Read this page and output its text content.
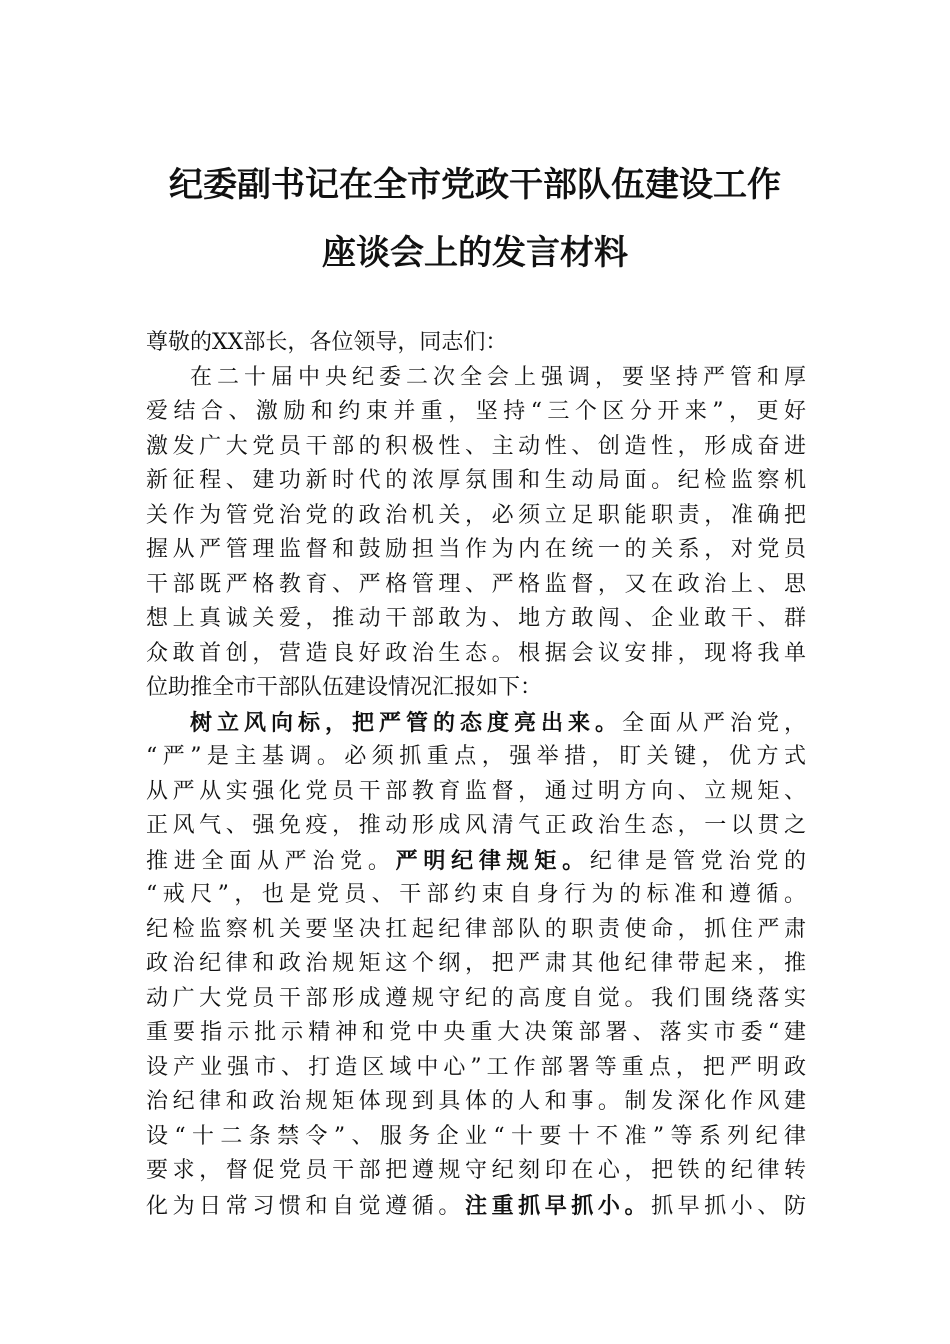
纪委副书记在全市党政干部队伍建设工作
座谈会上的发言材料
尊敬的XX部长，各位领导，同志们：
在二十届中央纪委二次全会上强调，要坚持严管和厚
爱结合、激励和约束并重，坚持“三个区分开来”，更好
激发广大党员干部的积极性、主动性、创造性，形成奋进
新征程、建功新时代的浓厚氛围和生动局面。纪检监察机
关作为管党治党的政治机关，必须立足职能职责，准确把
握从严管理监督和鼓励担当作为内在统一的关系，对党员
干部既严格教育、严格管理、严格监督，又在政治上、思
想上真诚关爱，推动干部敢为、地方敢闯、企业敢干、群
众敢首创，营造良好政治生态。根据会议安排，现将我单
位助推全市干部队伍建设情况汇报如下：
树立风向标，把严管的态度亮出来。全面从严治党，
“严”是主基调。必须抓重点，强举措，盯关键，优方式
从严从实强化党员干部教育监督，通过明方向、立规矩、
正风气、强免疫，推动形成风清气正政治生态，一以贯之
推进全面从严治党。严明纪律规矩。纪律是管党治党的
“戒尺”，也是党员、干部约束自身行为的标准和遵循。
纪检监察机关要坚决扛起纪律部队的职责使命，抓住严肃
政治纪律和政治规矩这个纲，把严肃其他纪律带起来，推
动广大党员干部形成遵规守纪的高度自觉。我们围绕落实
重要指示批示精神和党中央重大决策部署、落实市委“建
设产业强市、打造区域中心”工作部署等重点，把严明政
治纪律和政治规矩体现到具体的人和事。制发深化作风建
设“十二条禁令”、服务企业“十要十不准”等系列纪律
要求，督促党员干部把遵规守纪刻印在心，把铁的纪律转
化为日常习惯和自觉遵循。注重抓早抓小。抓早抓小、防
